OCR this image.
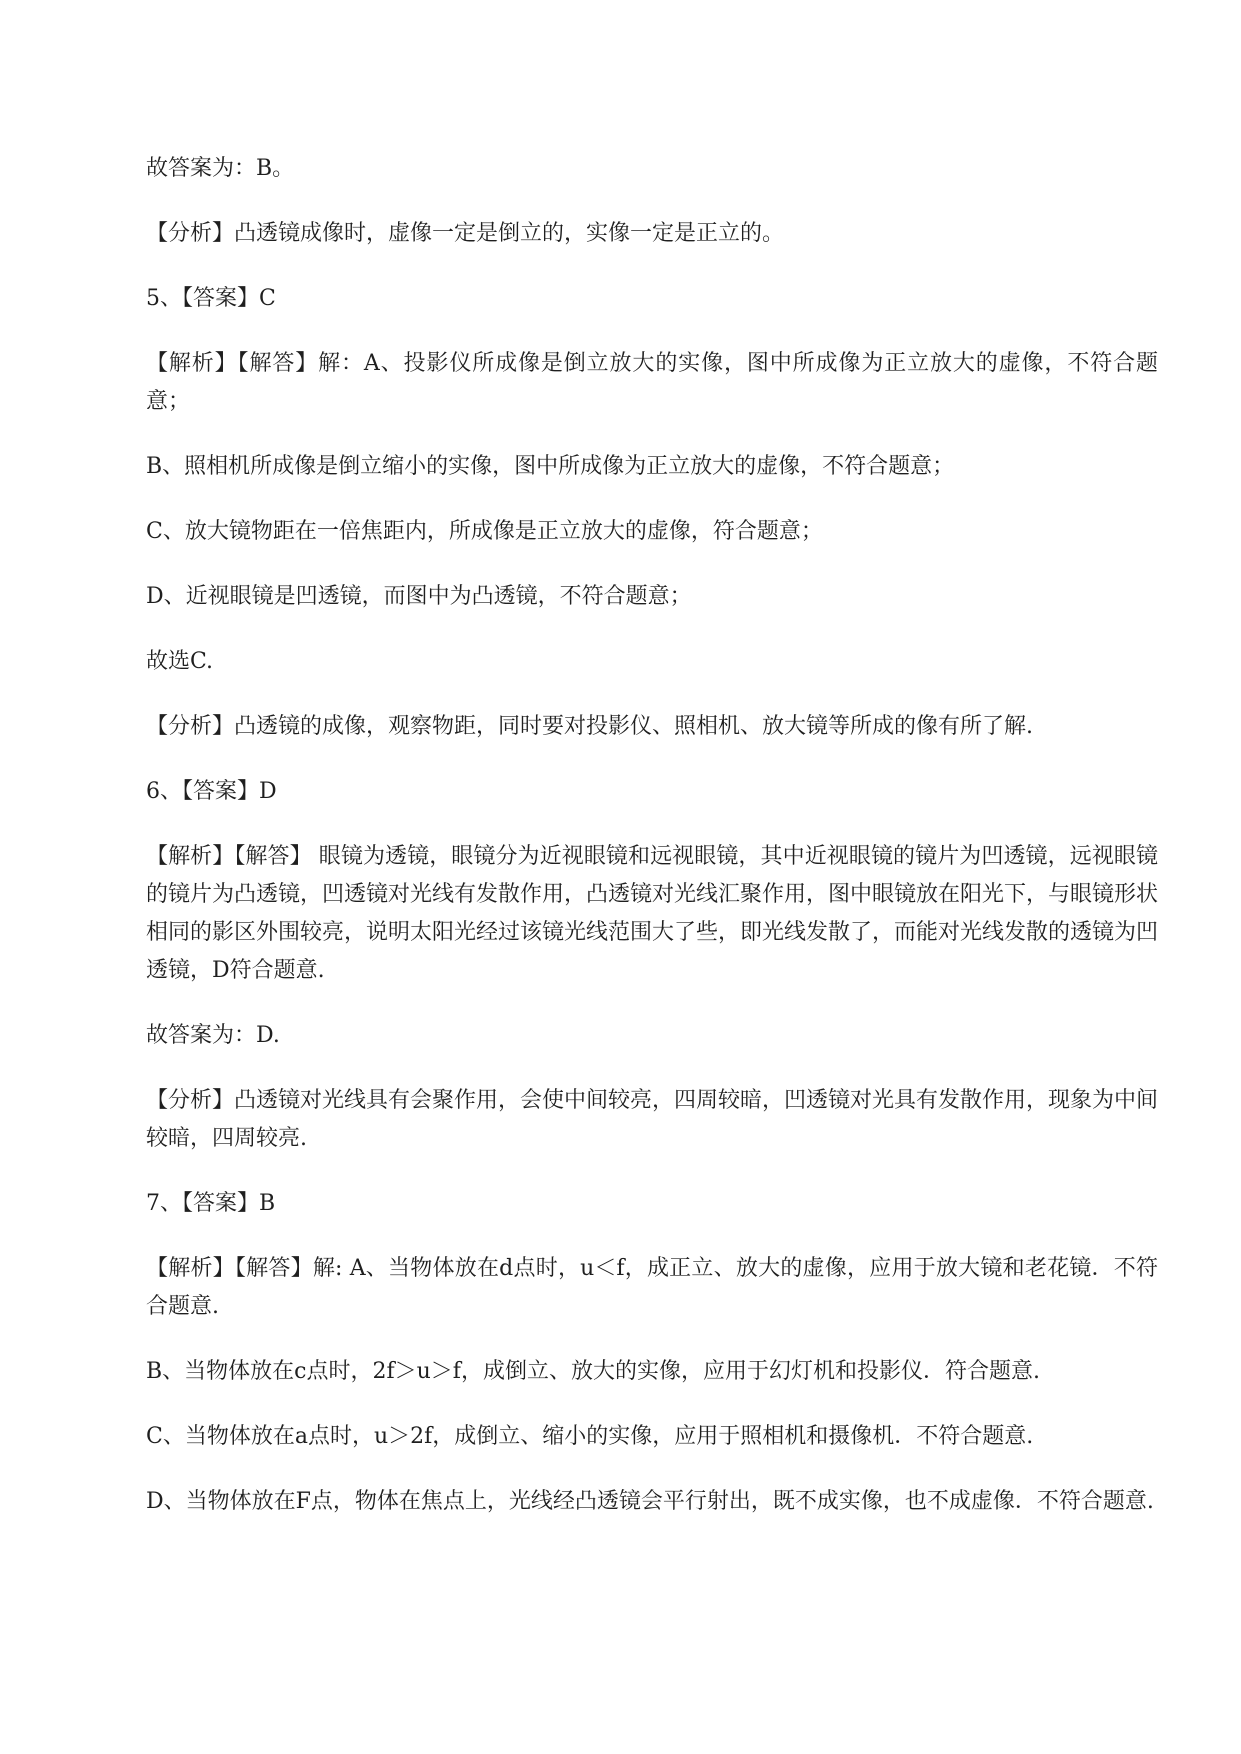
故答案为：B。

【分析】凸透镜成像时，虚像一定是倒立的，实像一定是正立的。

5、【答案】C

【解析】【解答】解：A、投影仪所成像是倒立放大的实像，图中所成像为正立放大的虚像，不符合题意；

B、照相机所成像是倒立缩小的实像，图中所成像为正立放大的虚像，不符合题意；

C、放大镜物距在一倍焦距内，所成像是正立放大的虚像，符合题意；

D、近视眼镜是凹透镜，而图中为凸透镜，不符合题意；

故选C.

【分析】凸透镜的成像，观察物距，同时要对投影仪、照相机、放大镜等所成的像有所了解.

6、【答案】D

【解析】【解答】 眼镜为透镜，眼镜分为近视眼镜和远视眼镜，其中近视眼镜的镜片为凹透镜，远视眼镜的镜片为凸透镜，凹透镜对光线有发散作用，凸透镜对光线汇聚作用，图中眼镜放在阳光下，与眼镜形状相同的影区外围较亮，说明太阳光经过该镜光线范围大了些，即光线发散了，而能对光线发散的透镜为凹透镜，D符合题意.

故答案为：D.

【分析】凸透镜对光线具有会聚作用，会使中间较亮，四周较暗，凹透镜对光具有发散作用，现象为中间较暗，四周较亮.

7、【答案】B

【解析】【解答】解: A、当物体放在d点时，u＜f，成正立、放大的虚像，应用于放大镜和老花镜．不符合题意.

B、当物体放在c点时，2f＞u＞f，成倒立、放大的实像，应用于幻灯机和投影仪．符合题意.

C、当物体放在a点时，u＞2f，成倒立、缩小的实像，应用于照相机和摄像机．不符合题意.

D、当物体放在F点，物体在焦点上，光线经凸透镜会平行射出，既不成实像，也不成虚像．不符合题意.
